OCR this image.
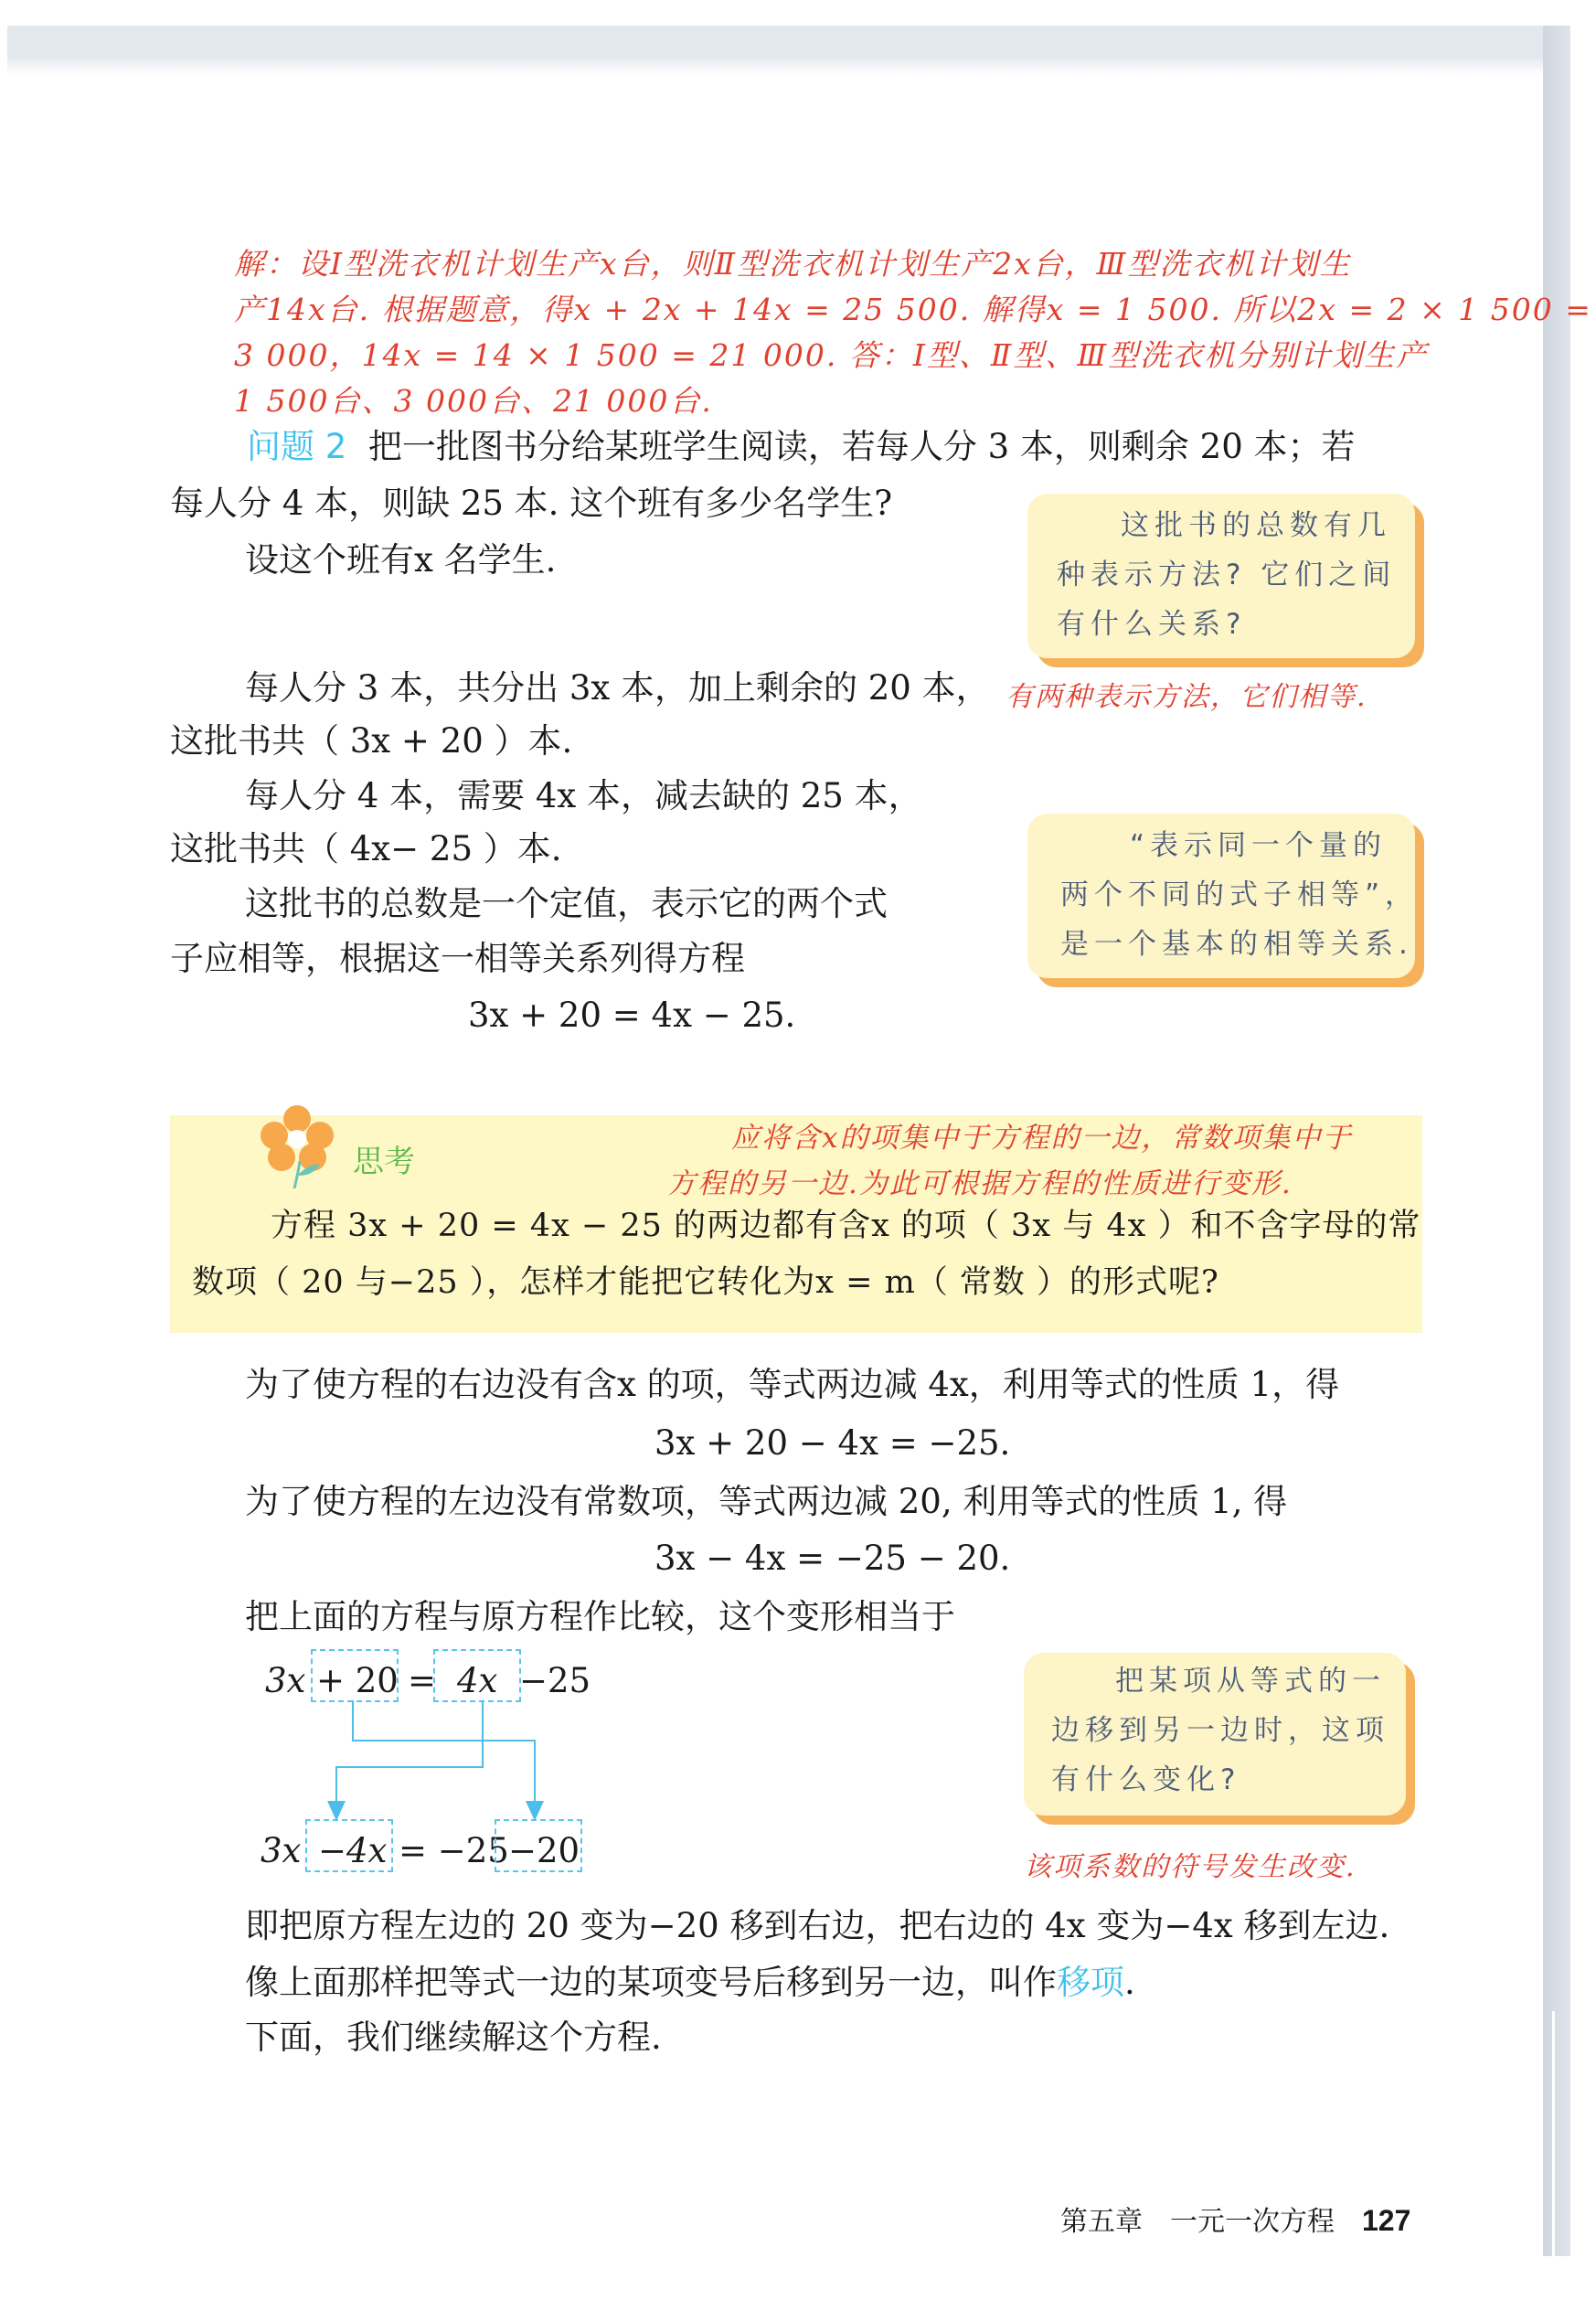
解：设Ⅰ型洗衣机计划生产x台，则Ⅱ型洗衣机计划生产2x台，Ⅲ型洗衣机计划生
产14x台. 根据题意，得x + 2x + 14x = 25 500. 解得x = 1 500. 所以2x = 2 × 1 500 =
3 000，14x = 14 × 1 500 = 21 000. 答：Ⅰ型、Ⅱ型、Ⅲ型洗衣机分别计划生产
1 500台、3 000台、21 000台.
问题 2 把一批图书分给某班学生阅读，若每人分 3 本，则剩余 20 本；若
每人分 4 本，则缺 25 本. 这个班有多少名学生?
设这个班有x 名学生.
这批书的总数有几
种表示方法? 它们之间
有什么关系?
有两种表示方法，它们相等.
每人分 3 本，共分出 3x 本，加上剩余的 20 本，
这批书共（ 3x + 20 ）本.
每人分 4 本，需要 4x 本，减去缺的 25 本，
这批书共（ 4x− 25 ）本.
这批书的总数是一个定值，表示它的两个式
子应相等，根据这一相等关系列得方程
3x + 20 = 4x − 25.
“表示同一个量的
两个不同的式子相等”，
是一个基本的相等关系.
思考
应将含x的项集中于方程的一边，常数项集中于
方程的另一边.为此可根据方程的性质进行变形.
方程 3x + 20 = 4x − 25 的两边都有含x 的项（ 3x 与 4x ）和不含字母的常
数项（ 20 与−25 ），怎样才能把它转化为x = m（ 常数 ）的形式呢?
为了使方程的右边没有含x 的项，等式两边减 4x，利用等式的性质 1，得
3x + 20 − 4x = −25.
为了使方程的左边没有常数项，等式两边减 20, 利用等式的性质 1, 得
3x − 4x = −25 − 20.
把上面的方程与原方程作比较，这个变形相当于
3x + 20 = 4x −25
3x −4x = −25 −20
把某项从等式的一
边移到另一边时，这项
有什么变化?
该项系数的符号发生改变.
即把原方程左边的 20 变为−20 移到右边，把右边的 4x 变为−4x 移到左边.
像上面那样把等式一边的某项变号后移到另一边，叫作移项.
下面，我们继续解这个方程.
第五章　一元一次方程 127
